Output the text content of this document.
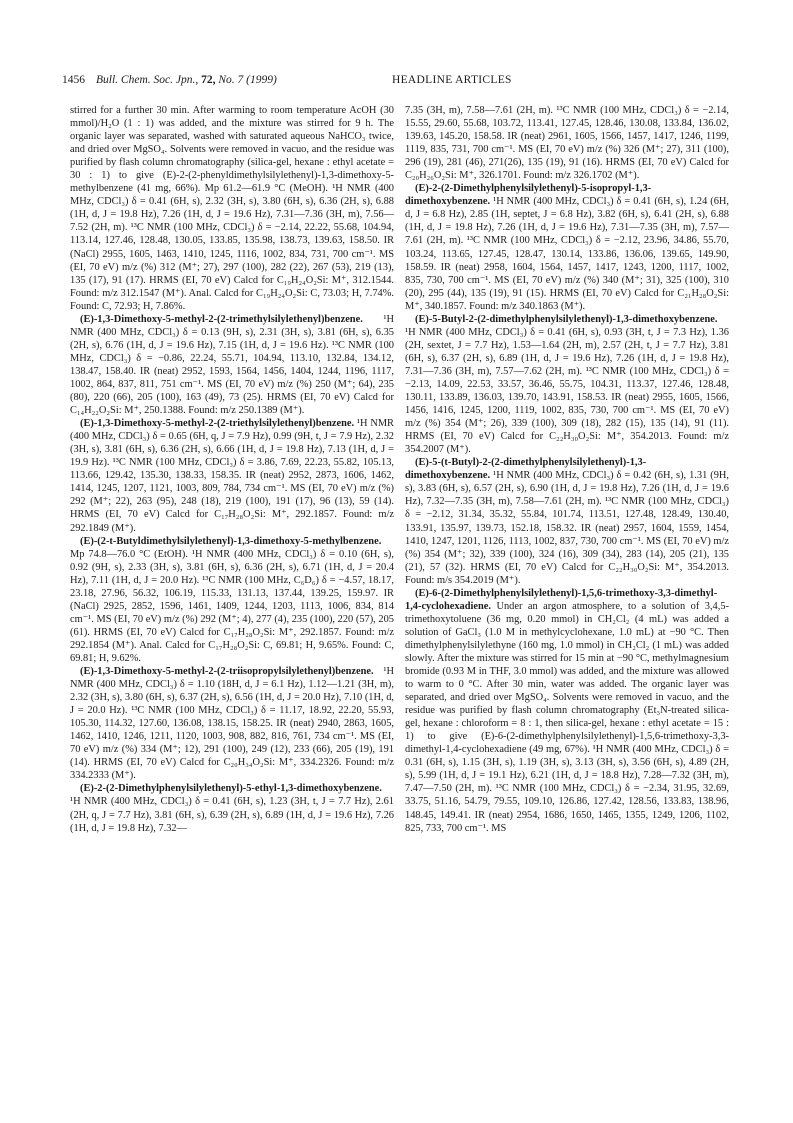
1456 Bull. Chem. Soc. Jpn., 72, No. 7 (1999)	HEADLINE ARTICLES

stirred for a further 30 min. After warming to room temperature AcOH (30 mmol)/H₂O (1 : 1) was added, and the mixture was stirred for 9 h. The organic layer was separated, washed with saturated aqueous NaHCO₃ twice, and dried over MgSO₄. Solvents were removed in vacuo, and the residue was purified by flash column chromatography (silica-gel, hexane : ethyl acetate = 30 : 1) to give (E)-2-(2-phenyldimethylsilylethenyl)-1,3-dimethoxy-5-methylbenzene (41 mg, 66%). Mp 61.2—61.9 °C (MeOH). ¹H NMR (400 MHz, CDCl₃) δ = 0.41 (6H, s), 2.32 (3H, s), 3.80 (6H, s), 6.36 (2H, s), 6.88 (1H, d, J = 19.8 Hz), 7.26 (1H, d, J = 19.6 Hz), 7.31—7.36 (3H, m), 7.56—7.52 (2H, m). ¹³C NMR (100 MHz, CDCl₃) δ = −2.14, 22.22, 55.68, 104.94, 113.14, 127.46, 128.48, 130.05, 133.85, 135.98, 138.73, 139.63, 158.50. IR (NaCl) 2955, 1605, 1463, 1410, 1245, 1116, 1002, 834, 731, 700 cm⁻¹. MS (EI, 70 eV) m/z (%) 312 (M⁺; 27), 297 (100), 282 (22), 267 (53), 219 (13), 135 (17), 91 (17). HRMS (EI, 70 eV) Calcd for C₁₉H₂₄O₂Si: M⁺, 312.1544. Found: m/z 312.1547 (M⁺). Anal. Calcd for C₁₉H₂₄O₂Si: C, 73.03; H, 7.74%. Found: C, 72.93; H, 7.86%.

(E)-1,3-Dimethoxy-5-methyl-2-(2-trimethylsilylethenyl)benzene. ¹H NMR (400 MHz, CDCl₃) δ = 0.13 (9H, s), 2.31 (3H, s), 3.81 (6H, s), 6.35 (2H, s), 6.76 (1H, d, J = 19.6 Hz), 7.15 (1H, d, J = 19.6 Hz). ¹³C NMR (100 MHz, CDCl₃) δ = −0.86, 22.24, 55.71, 104.94, 113.10, 132.84, 134.12, 138.47, 158.40. IR (neat) 2952, 1593, 1564, 1456, 1404, 1244, 1196, 1117, 1002, 864, 837, 811, 751 cm⁻¹. MS (EI, 70 eV) m/z (%) 250 (M⁺; 64), 235 (80), 220 (66), 205 (100), 163 (49), 73 (25). HRMS (EI, 70 eV) Calcd for C₁₄H₂₂O₂Si: M⁺, 250.1388. Found: m/z 250.1389 (M⁺).

(E)-1,3-Dimethoxy-5-methyl-2-(2-triethylsilylethenyl)benzene. ¹H NMR (400 MHz, CDCl₃) δ = 0.65 (6H, q, J = 7.9 Hz), 0.99 (9H, t, J = 7.9 Hz), 2.32 (3H, s), 3.81 (6H, s), 6.36 (2H, s), 6.66 (1H, d, J = 19.8 Hz), 7.13 (1H, d, J = 19.9 Hz). ¹³C NMR (100 MHz, CDCl₃) δ = 3.86, 7.69, 22.23, 55.82, 105.13, 113.66, 129.42, 135.30, 138.33, 158.35. IR (neat) 2952, 2873, 1606, 1462, 1414, 1245, 1207, 1121, 1003, 809, 784, 734 cm⁻¹. MS (EI, 70 eV) m/z (%) 292 (M⁺; 22), 263 (95), 248 (18), 219 (100), 191 (17), 96 (13), 59 (14). HRMS (EI, 70 eV) Calcd for C₁₇H₂₈O₂Si: M⁺, 292.1857. Found: m/z 292.1849 (M⁺).

(E)-(2-t-Butyldimethylsilylethenyl)-1,3-dimethoxy-5-methylbenzene. Mp 74.8—76.0 °C (EtOH). ¹H NMR (400 MHz, CDCl₃) δ = 0.10 (6H, s), 0.92 (9H, s), 2.33 (3H, s), 3.81 (6H, s), 6.36 (2H, s), 6.71 (1H, d, J = 20.4 Hz), 7.11 (1H, d, J = 20.0 Hz). ¹³C NMR (100 MHz, C₆D₆) δ = −4.57, 18.17, 23.18, 27.96, 56.32, 106.19, 115.33, 131.13, 137.44, 139.25, 159.97. IR (NaCl) 2925, 2852, 1596, 1461, 1409, 1244, 1203, 1113, 1006, 834, 814 cm⁻¹. MS (EI, 70 eV) m/z (%) 292 (M⁺; 4), 277 (4), 235 (100), 220 (57), 205 (61). HRMS (EI, 70 eV) Calcd for C₁₇H₂₈O₂Si: M⁺, 292.1857. Found: m/z 292.1854 (M⁺). Anal. Calcd for C₁₇H₂₈O₂Si: C, 69.81; H, 9.65%. Found: C, 69.81; H, 9.62%.

(E)-1,3-Dimethoxy-5-methyl-2-(2-triisopropylsilylethenyl)benzene. ¹H NMR (400 MHz, CDCl₃) δ = 1.10 (18H, d, J = 6.1 Hz), 1.12—1.21 (3H, m), 2.32 (3H, s), 3.80 (6H, s), 6.37 (2H, s), 6.56 (1H, d, J = 20.0 Hz), 7.10 (1H, d, J = 20.0 Hz). ¹³C NMR (100 MHz, CDCl₃) δ = 11.17, 18.92, 22.20, 55.93, 105.30, 114.32, 127.60, 136.08, 138.15, 158.25. IR (neat) 2940, 2863, 1605, 1462, 1410, 1246, 1211, 1120, 1003, 908, 882, 816, 761, 734 cm⁻¹. MS (EI, 70 eV) m/z (%) 334 (M⁺; 12), 291 (100), 249 (12), 233 (66), 205 (19), 191 (14). HRMS (EI, 70 eV) Calcd for C₂₀H₃₄O₂Si: M⁺, 334.2326. Found: m/z 334.2333 (M⁺).

(E)-2-(2-Dimethylphenylsilylethenyl)-5-ethyl-1,3-dimethoxybenzene. ¹H NMR (400 MHz, CDCl₃) δ = 0.41 (6H, s), 1.23 (3H, t, J = 7.7 Hz), 2.61 (2H, q, J = 7.7 Hz), 3.81 (6H, s), 6.39 (2H, s), 6.89 (1H, d, J = 19.6 Hz), 7.26 (1H, d, J = 19.8 Hz), 7.32—

7.35 (3H, m), 7.58—7.61 (2H, m). ¹³C NMR (100 MHz, CDCl₃) δ = −2.14, 15.55, 29.60, 55.68, 103.72, 113.41, 127.45, 128.46, 130.08, 133.84, 136.02, 139.63, 145.20, 158.58. IR (neat) 2961, 1605, 1566, 1457, 1417, 1246, 1199, 1119, 835, 731, 700 cm⁻¹. MS (EI, 70 eV) m/z (%) 326 (M⁺; 27), 311 (100), 296 (19), 281 (46), 271(26), 135 (19), 91 (16). HRMS (EI, 70 eV) Calcd for C₂₀H₂₆O₂Si: M⁺, 326.1701. Found: m/z 326.1702 (M⁺).

(E)-2-(2-Dimethylphenylsilylethenyl)-5-isopropyl-1,3-dimethoxybenzene. ¹H NMR (400 MHz, CDCl₃) δ = 0.41 (6H, s), 1.24 (6H, d, J = 6.8 Hz), 2.85 (1H, septet, J = 6.8 Hz), 3.82 (6H, s), 6.41 (2H, s), 6.88 (1H, d, J = 19.8 Hz), 7.26 (1H, d, J = 19.6 Hz), 7.31—7.35 (3H, m), 7.57—7.61 (2H, m). ¹³C NMR (100 MHz, CDCl₃) δ = −2.12, 23.96, 34.86, 55.70, 103.24, 113.65, 127.45, 128.47, 130.14, 133.86, 136.06, 139.65, 149.90, 158.59. IR (neat) 2958, 1604, 1564, 1457, 1417, 1243, 1200, 1117, 1002, 835, 730, 700 cm⁻¹. MS (EI, 70 eV) m/z (%) 340 (M⁺; 31), 325 (100), 310 (20), 295 (44), 135 (19), 91 (15). HRMS (EI, 70 eV) Calcd for C₂₁H₂₈O₂Si: M⁺, 340.1857. Found: m/z 340.1863 (M⁺).

(E)-5-Butyl-2-(2-dimethylphenylsilylethenyl)-1,3-dimethoxybenzene. ¹H NMR (400 MHz, CDCl₃) δ = 0.41 (6H, s), 0.93 (3H, t, J = 7.3 Hz), 1.36 (2H, sextet, J = 7.7 Hz), 1.53—1.64 (2H, m), 2.57 (2H, t, J = 7.7 Hz), 3.81 (6H, s), 6.37 (2H, s), 6.89 (1H, d, J = 19.6 Hz), 7.26 (1H, d, J = 19.8 Hz), 7.31—7.36 (3H, m), 7.57—7.62 (2H, m). ¹³C NMR (100 MHz, CDCl₃) δ = −2.13, 14.09, 22.53, 33.57, 36.46, 55.75, 104.31, 113.37, 127.46, 128.48, 130.11, 133.89, 136.03, 139.70, 143.91, 158.53. IR (neat) 2955, 1605, 1566, 1456, 1416, 1245, 1200, 1119, 1002, 835, 730, 700 cm⁻¹. MS (EI, 70 eV) m/z (%) 354 (M⁺; 26), 339 (100), 309 (18), 282 (15), 135 (14), 91 (11). HRMS (EI, 70 eV) Calcd for C₂₂H₃₀O₂Si: M⁺, 354.2013. Found: m/z 354.2007 (M⁺).

(E)-5-(t-Butyl)-2-(2-dimethylphenylsilylethenyl)-1,3-dimethoxybenzene. ¹H NMR (400 MHz, CDCl₃) δ = 0.42 (6H, s), 1.31 (9H, s), 3.83 (6H, s), 6.57 (2H, s), 6.90 (1H, d, J = 19.8 Hz), 7.26 (1H, d, J = 19.6 Hz), 7.32—7.35 (3H, m), 7.58—7.61 (2H, m). ¹³C NMR (100 MHz, CDCl₃) δ = −2.12, 31.34, 35.32, 55.84, 101.74, 113.51, 127.48, 128.49, 130.40, 133.91, 135.97, 139.73, 152.18, 158.32. IR (neat) 2957, 1604, 1559, 1454, 1410, 1247, 1201, 1126, 1113, 1002, 837, 730, 700 cm⁻¹. MS (EI, 70 eV) m/z (%) 354 (M⁺; 32), 339 (100), 324 (16), 309 (34), 283 (14), 205 (21), 135 (21), 57 (32). HRMS (EI, 70 eV) Calcd for C₂₂H₃₀O₂Si: M⁺, 354.2013. Found: m/s 354.2019 (M⁺).

(E)-6-(2-Dimethylphenylsilylethenyl)-1,5,6-trimethoxy-3,3-dimethyl-1,4-cyclohexadiene. Under an argon atmosphere, to a solution of 3,4,5-trimethoxytoluene (36 mg, 0.20 mmol) in CH₂Cl₂ (4 mL) was added a solution of GaCl₃ (1.0 M in methylcyclohexane, 1.0 mL) at −90 °C. Then dimethylphenylsilylethyne (160 mg, 1.0 mmol) in CH₂Cl₂ (1 mL) was added slowly. After the mixture was stirred for 15 min at −90 °C, methylmagnesium bromide (0.93 M in THF, 3.0 mmol) was added, and the mixture was allowed to warm to 0 °C. After 30 min, water was added. The organic layer was separated, and dried over MgSO₄. Solvents were removed in vacuo, and the residue was purified by flash column chromatography (Et₃N-treated silica-gel, hexane : chloroform = 8 : 1, then silica-gel, hexane : ethyl acetate = 15 : 1) to give (E)-6-(2-dimethylphenylsilylethenyl)-1,5,6-trimethoxy-3,3-dimethyl-1,4-cyclohexadiene (49 mg, 67%). ¹H NMR (400 MHz, CDCl₃) δ = 0.31 (6H, s), 1.15 (3H, s), 1.19 (3H, s), 3.13 (3H, s), 3.56 (6H, s), 4.89 (2H, s), 5.99 (1H, d, J = 19.1 Hz), 6.21 (1H, d, J = 18.8 Hz), 7.28—7.32 (3H, m), 7.47—7.50 (2H, m). ¹³C NMR (100 MHz, CDCl₃) δ = −2.34, 31.95, 32.69, 33.75, 51.16, 54.79, 79.55, 109.10, 126.86, 127.42, 128.56, 133.83, 138.96, 148.45, 149.41. IR (neat) 2954, 1686, 1650, 1465, 1355, 1249, 1206, 1102, 825, 733, 700 cm⁻¹. MS
